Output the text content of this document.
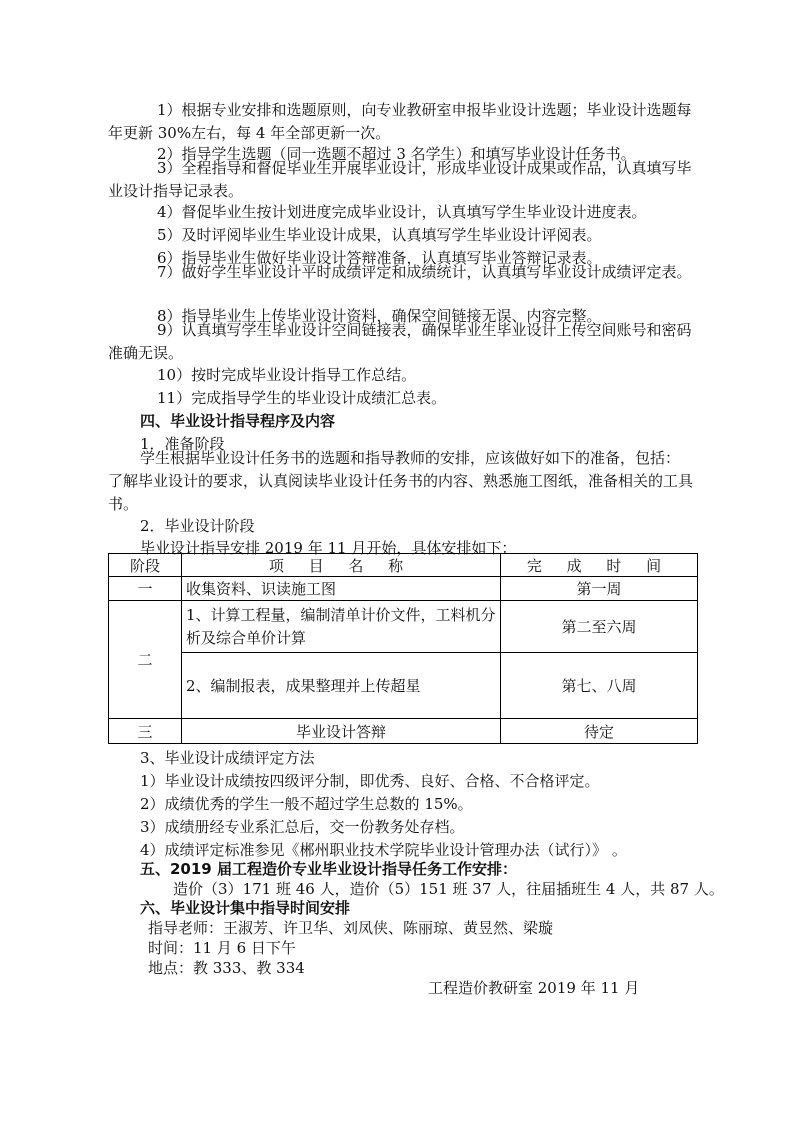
1）根据专业安排和选题原则，向专业教研室申报毕业设计选题；毕业设计选题每年更新 30%左右，每 4 年全部更新一次。
2）指导学生选题（同一选题不超过 3 名学生）和填写毕业设计任务书。
3）全程指导和督促毕业生开展毕业设计，形成毕业设计成果或作品，认真填写毕业设计指导记录表。
4）督促毕业生按计划进度完成毕业设计，认真填写学生毕业设计进度表。
5）及时评阅毕业生毕业设计成果，认真填写学生毕业设计评阅表。
6）指导毕业生做好毕业设计答辩准备，认真填写毕业答辩记录表。
7）做好学生毕业设计平时成绩评定和成绩统计，认真填写毕业设计成绩评定表。
8）指导毕业生上传毕业设计资料，确保空间链接无误、内容完整。
9）认真填写学生毕业设计空间链接表，确保毕业生毕业设计上传空间账号和密码准确无误。
10）按时完成毕业设计指导工作总结。
11）完成指导学生的毕业设计成绩汇总表。
四、毕业设计指导程序及内容
1．准备阶段
学生根据毕业设计任务书的选题和指导教师的安排，应该做好如下的准备，包括：了解毕业设计的要求，认真阅读毕业设计任务书的内容、熟悉施工图纸，准备相关的工具书。
2．毕业设计阶段
毕业设计指导安排 2019 年 11 月开始，具体安排如下：
阶段	项 目 名 称	完 成 时 间
一	收集资料、识读施工图	第一周
二	1、计算工程量，编制清单计价文件，工料机分析及综合单价计算	第二至六周
	2、编制报表，成果整理并上传超星	第七、八周
三	毕业设计答辩	待定
3、毕业设计成绩评定方法
1）毕业设计成绩按四级评分制，即优秀、良好、合格、不合格评定。
2）成绩优秀的学生一般不超过学生总数的 15%。
3）成绩册经专业系汇总后，交一份教务处存档。
4）成绩评定标准参见《郴州职业技术学院毕业设计管理办法（试行）》 。
五、2019 届工程造价专业毕业设计指导任务工作安排：
造价（3）171 班 46 人，造价（5）151 班 37 人，往届插班生 4 人，共 87 人。
六、毕业设计集中指导时间安排
指导老师：王淑芳、许卫华、刘凤侠、陈丽琼、黄昱然、梁璇
时间：11 月 6 日下午
地点：教 333、教 334
工程造价教研室 2019 年 11 月
